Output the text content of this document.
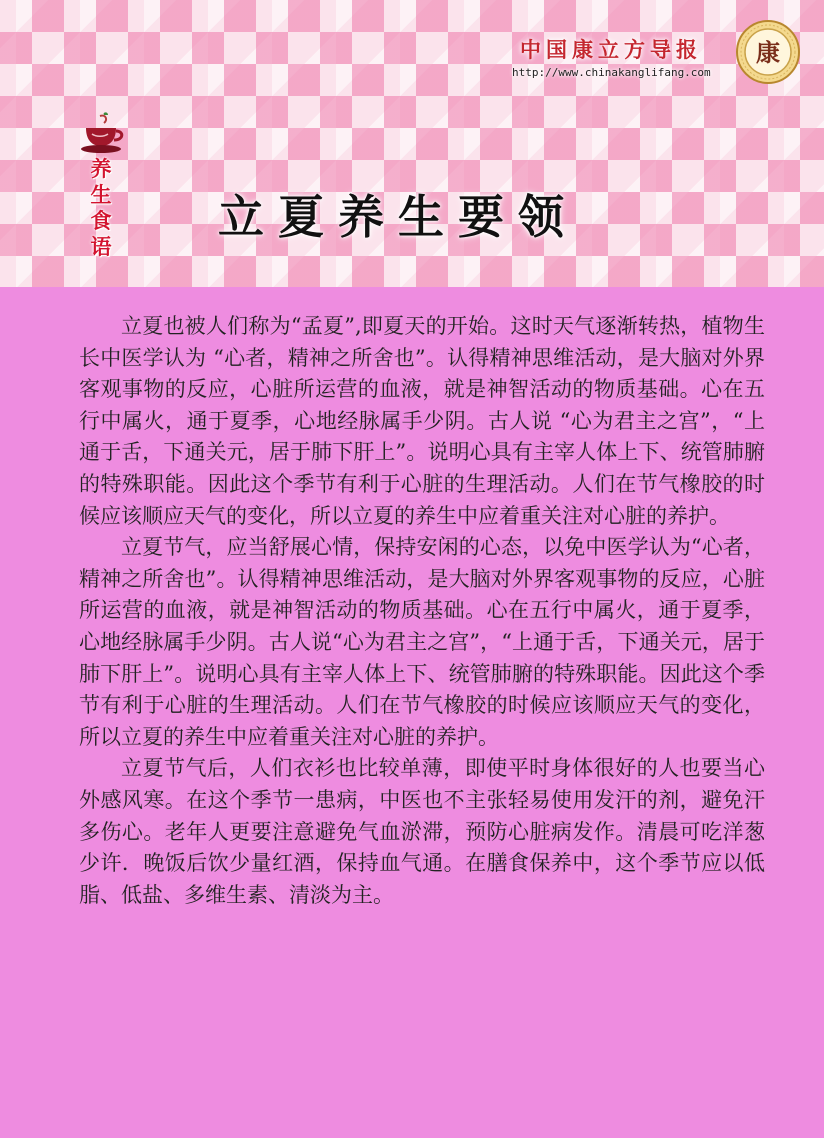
中国康立方导报
http://www.chinakanglifang.com
康
养
生
食
语
立夏养生要领

立夏也被人们称为“孟夏”,即夏天的开始。这时天气逐渐转热，植物生长中医学认为 “心者，精神之所舍也”。认得精神思维活动，是大脑对外界客观事物的反应，心脏所运营的血液，就是神智活动的物质基础。心在五行中属火，通于夏季，心地经脉属手少阴。古人说 “心为君主之宫”，“上通于舌，下通关元，居于肺下肝上”。说明心具有主宰人体上下、统管肺腑的特殊职能。因此这个季节有利于心脏的生理活动。人们在节气橡胶的时候应该顺应天气的变化，所以立夏的养生中应着重关注对心脏的养护。

立夏节气，应当舒展心情，保持安闲的心态，以免中医学认为“心者，精神之所舍也”。认得精神思维活动，是大脑对外界客观事物的反应，心脏所运营的血液，就是神智活动的物质基础。心在五行中属火，通于夏季，心地经脉属手少阴。古人说“心为君主之宫”，“上通于舌，下通关元，居于肺下肝上”。说明心具有主宰人体上下、统管肺腑的特殊职能。因此这个季节有利于心脏的生理活动。人们在节气橡胶的时候应该顺应天气的变化，所以立夏的养生中应着重关注对心脏的养护。

立夏节气后，人们衣衫也比较单薄，即使平时身体很好的人也要当心外感风寒。在这个季节一患病，中医也不主张轻易使用发汗的剂，避免汗多伤心。老年人更要注意避免气血淤滞，预防心脏病发作。清晨可吃洋葱少许．晚饭后饮少量红酒，保持血气通。在膳食保养中，这个季节应以低脂、低盐、多维生素、清淡为主。
